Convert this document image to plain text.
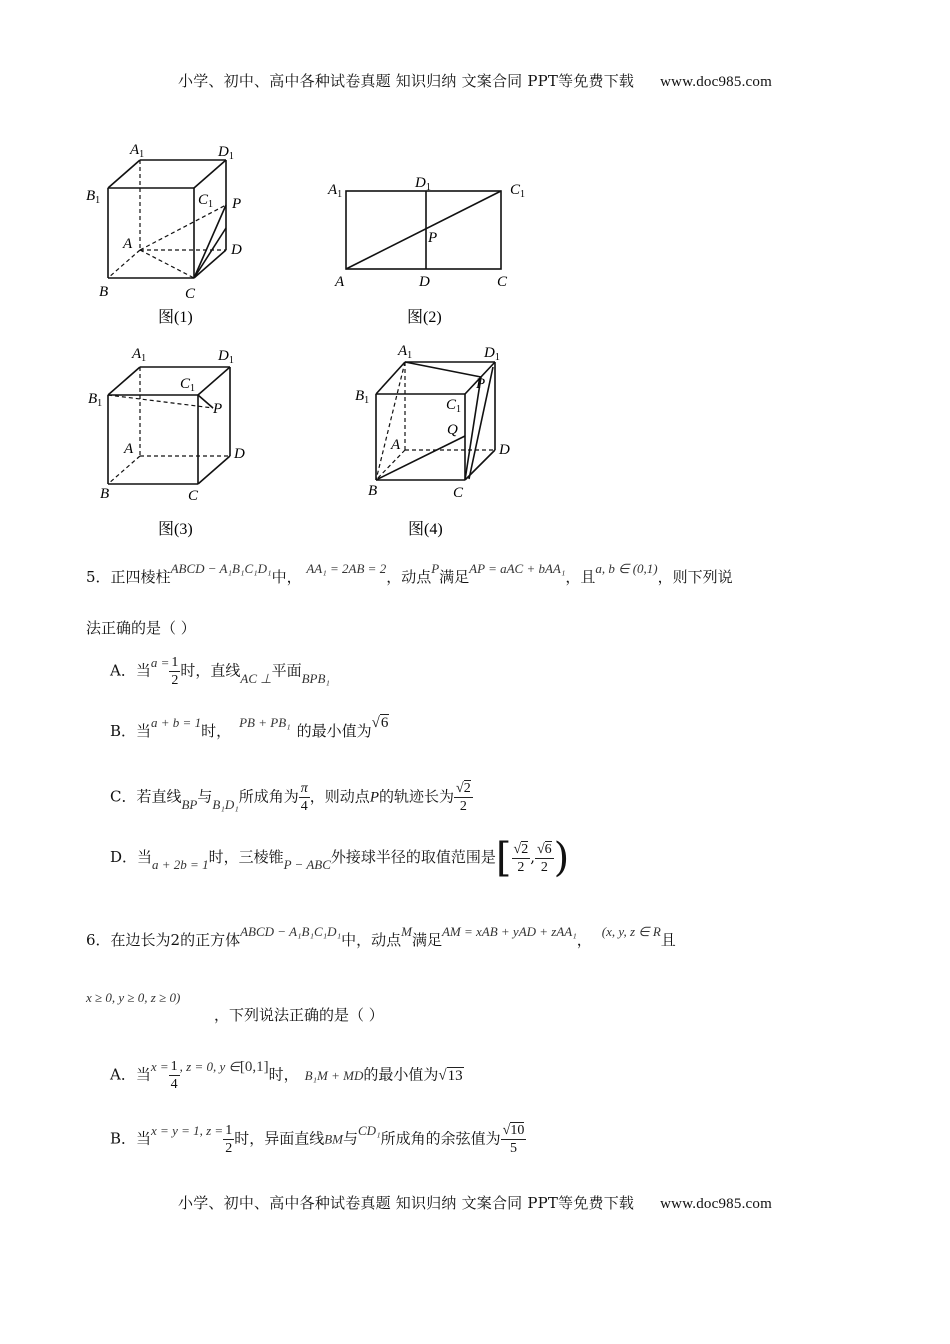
小学、初中、高中各种试卷真题 知识归纳 文案合同 PPT等免费下载 www.doc985.com
$A_1$	$D_1$
$B_1$	$C_1$ P
A	D
B	C
图(1)
$A_1$
$D_1$	$C_1$
P
A	D	C
图(2)
$A_1$	$D_1$
$B_1$
$C_1$
P
A	D
B	C
图(3)
$A_1$	$D_1$
$B_1$	$C_1$
P
Q
A	D
B	C
图(4)
5．正四棱柱ABCD − A₁B₁C₁D₁中， AA₁ = 2AB = 2，动点P满足AP = aAC + bAA₁，且a, b ∈ (0,1)，则下列说
法正确的是（ ）
A．当$a = \frac{1}{2}$ 时，直线AC ⊥平面BPB₁
B．当a + b = 1时， PB + PB₁ 的最小值为√6
C．若直线BP与B₁D₁所成角为 $\frac{\pi}{4}$ ，则动点P的轨迹长为 $\frac{√2}{2}$
D．当a + 2b = 1时，三棱锥P − ABC外接球半径的取值范围是[ $\frac{√2}{2}$ , $\frac{√6}{2}$ )
6．在边长为2的正方体ABCD − A₁B₁C₁D₁中，动点M满足AM = xAB + yAD + zAA₁， (x, y, z ∈ R且
x ≥ 0, y ≥ 0, z ≥ 0)
，下列说法正确的是（ ）
A．当$x = \frac{1}{4}$ , z = 0, y ∈[0,1]时， B₁M + MD的最小值为√13
B．当x = y = 1, $z = \frac{1}{2}$ 时，异面直线BM与CD₁所成角的余弦值为 $\frac{√10}{5}$
小学、初中、高中各种试卷真题 知识归纳 文案合同 PPT等免费下载 www.doc985.com
